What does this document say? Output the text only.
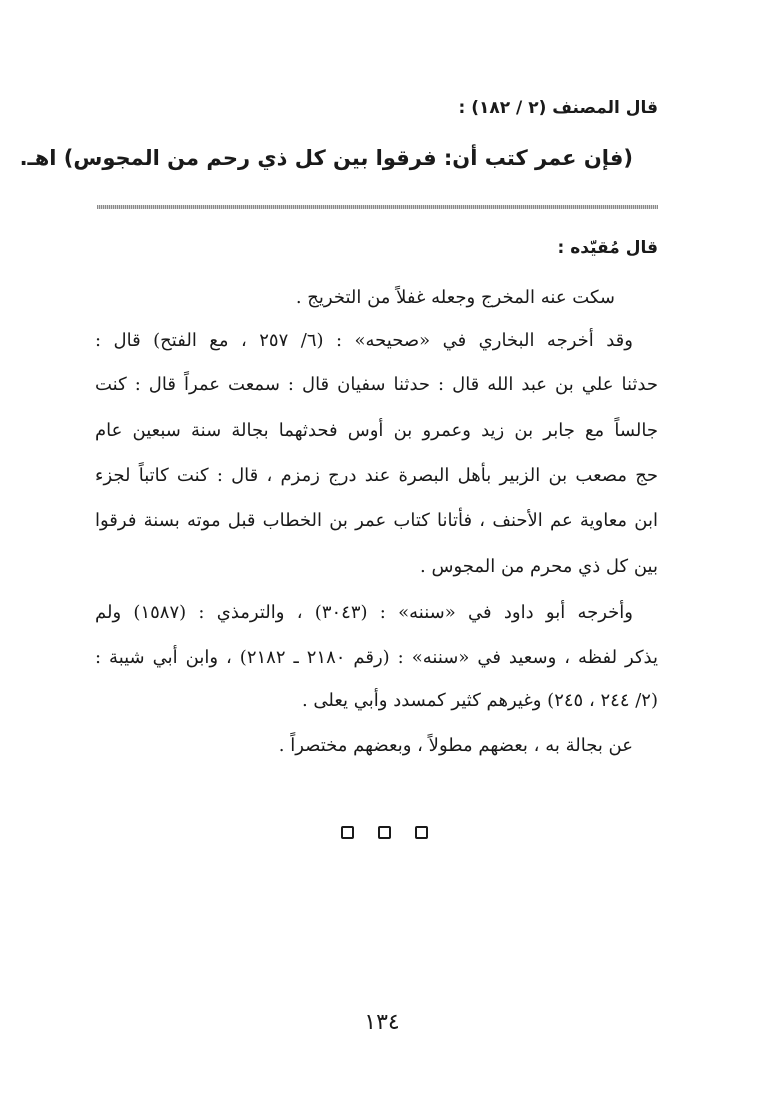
قال المصنف (٢ / ١٨٢) :
(فإن عمر كتب أن: فرقوا بين كل ذي رحم من المجوس) اهـ.
قال مُقيّده :
سكت عنه المخرج وجعله غفلاً من التخريج .
وقد أخرجه البخاري في «صحيحه» : (٦/ ٢٥٧ ، مع الفتح) قال :
حدثنا علي بن عبد الله قال : حدثنا سفيان قال : سمعت عمراً قال : كنت
جالساً مع جابر بن زيد وعمرو بن أوس فحدثهما بجالة سنة سبعين عام
حج مصعب بن الزبير بأهل البصرة عند درج زمزم ، قال : كنت كاتباً لجزء
ابن معاوية عم الأحنف ، فأتانا كتاب عمر بن الخطاب قبل موته بسنة فرقوا
بين كل ذي محرم من المجوس .
وأخرجه أبو داود في «سننه» : (٣٠٤٣) ، والترمذي : (١٥٨٧) ولم
يذكر لفظه ، وسعيد في «سننه» : (رقم ٢١٨٠ ـ ٢١٨٢) ، وابن أبي شيبة :
(٢/ ٢٤٤ ، ٢٤٥) وغيرهم كثير كمسدد وأبي يعلى .
عن بجالة به ، بعضهم مطولاً ، وبعضهم مختصراً .
١٣٤
